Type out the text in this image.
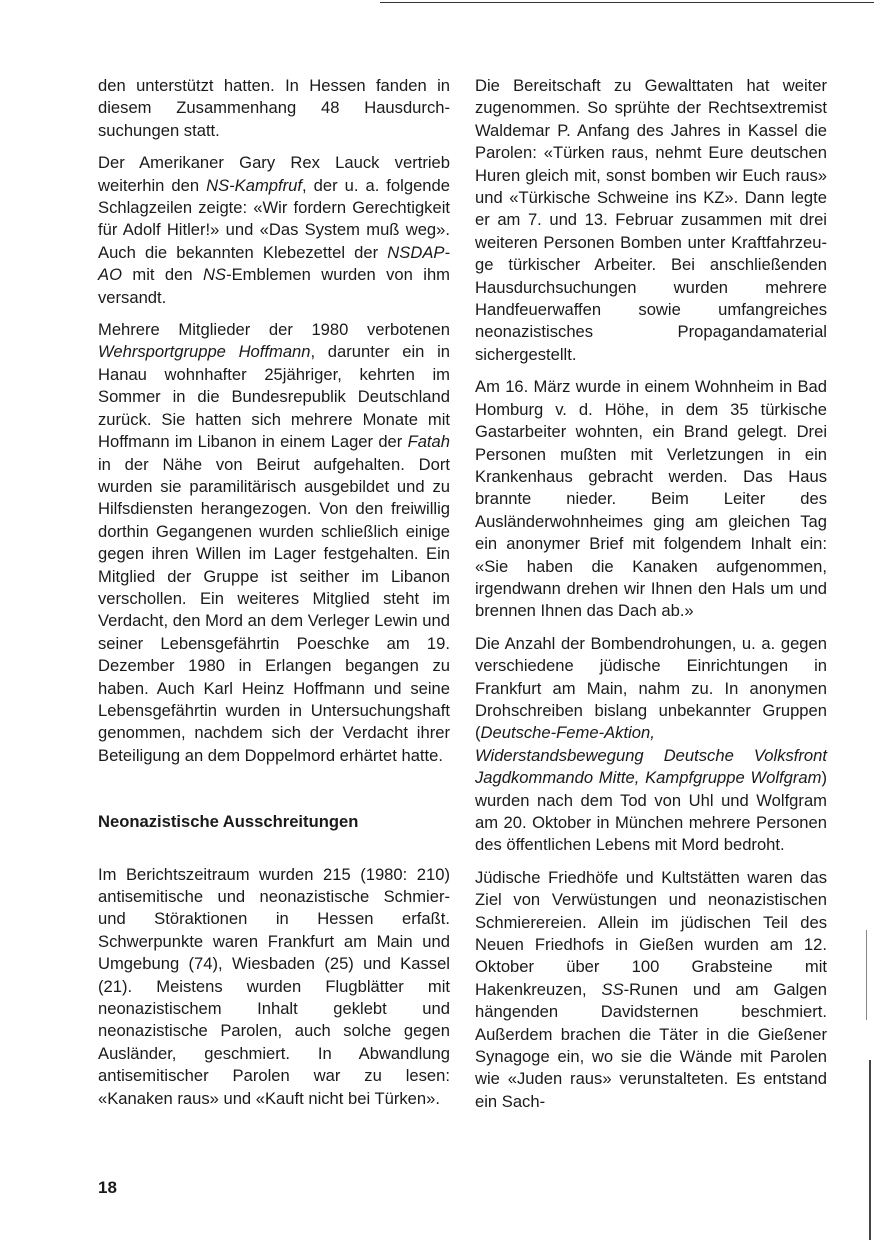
den unterstützt hatten. In Hessen fanden in diesem Zusammenhang 48 Hausdurchsuchungen statt.

Der Amerikaner Gary Rex Lauck vertrieb weiterhin den NS-Kampfruf, der u. a. folgende Schlagzeilen zeigte: «Wir fordern Gerechtigkeit für Adolf Hitler!» und «Das System muß weg». Auch die bekannten Klebezettel der NSDAP-AO mit den NS-Emblemen wurden von ihm versandt.

Mehrere Mitglieder der 1980 verbotenen Wehrsportgruppe Hoffmann, darunter ein in Hanau wohnhafter 25jähriger, kehrten im Sommer in die Bundesrepublik Deutschland zurück. Sie hatten sich mehrere Monate mit Hoffmann im Libanon in einem Lager der Fatah in der Nähe von Beirut aufgehalten. Dort wurden sie paramilitärisch ausgebildet und zu Hilfsdiensten herangezogen. Von den freiwillig dorthin Gegangenen wurden schließlich einige gegen ihren Willen im Lager festgehalten. Ein Mitglied der Gruppe ist seither im Libanon verschollen. Ein weiteres Mitglied steht im Verdacht, den Mord an dem Verleger Lewin und seiner Lebensgefährtin Poeschke am 19. Dezember 1980 in Erlangen begangen zu haben. Auch Karl Heinz Hoffmann und seine Lebensgefährtin wurden in Untersuchungshaft genommen, nachdem sich der Verdacht ihrer Beteiligung an dem Doppelmord erhärtet hatte.

Neonazistische Ausschreitungen

Im Berichtszeitraum wurden 215 (1980: 210) antisemitische und neonazistische Schmier- und Störaktionen in Hessen erfaßt. Schwerpunkte waren Frankfurt am Main und Umgebung (74), Wiesbaden (25) und Kassel (21). Meistens wurden Flugblätter mit neonazistischem Inhalt geklebt und neonazistische Parolen, auch solche gegen Ausländer, geschmiert. In Abwandlung antisemitischer Parolen war zu lesen: «Kanaken raus» und «Kauft nicht bei Türken».

Die Bereitschaft zu Gewalttaten hat weiter zugenommen. So sprühte der Rechtsextremist Waldemar P. Anfang des Jahres in Kassel die Parolen: «Türken raus, nehmt Eure deutschen Huren gleich mit, sonst bomben wir Euch raus» und «Türkische Schweine ins KZ». Dann legte er am 7. und 13. Februar zusammen mit drei weiteren Personen Bomben unter Kraftfahrzeuge türkischer Arbeiter. Bei anschließenden Hausdurchsuchungen wurden mehrere Handfeuerwaffen sowie umfangreiches neonazistisches Propagandamaterial sichergestellt.

Am 16. März wurde in einem Wohnheim in Bad Homburg v. d. Höhe, in dem 35 türkische Gastarbeiter wohnten, ein Brand gelegt. Drei Personen mußten mit Verletzungen in ein Krankenhaus gebracht werden. Das Haus brannte nieder. Beim Leiter des Ausländerwohnheimes ging am gleichen Tag ein anonymer Brief mit folgendem Inhalt ein: «Sie haben die Kanaken aufgenommen, irgendwann drehen wir Ihnen den Hals um und brennen Ihnen das Dach ab.»

Die Anzahl der Bombendrohungen, u. a. gegen verschiedene jüdische Einrichtungen in Frankfurt am Main, nahm zu. In anonymen Drohschreiben bislang unbekannter Gruppen (Deutsche-Feme-Aktion, Widerstandsbewegung Deutsche Volksfront Jagdkommando Mitte, Kampfgruppe Wolfgram) wurden nach dem Tod von Uhl und Wolfgram am 20. Oktober in München mehrere Personen des öffentlichen Lebens mit Mord bedroht.

Jüdische Friedhöfe und Kultstätten waren das Ziel von Verwüstungen und neonazistischen Schmierereien. Allein im jüdischen Teil des Neuen Friedhofs in Gießen wurden am 12. Oktober über 100 Grabsteine mit Hakenkreuzen, SS-Runen und am Galgen hängenden Davidsternen beschmiert. Außerdem brachen die Täter in die Gießener Synagoge ein, wo sie die Wände mit Parolen wie «Juden raus» verunstalteten. Es entstand ein Sach-

18
